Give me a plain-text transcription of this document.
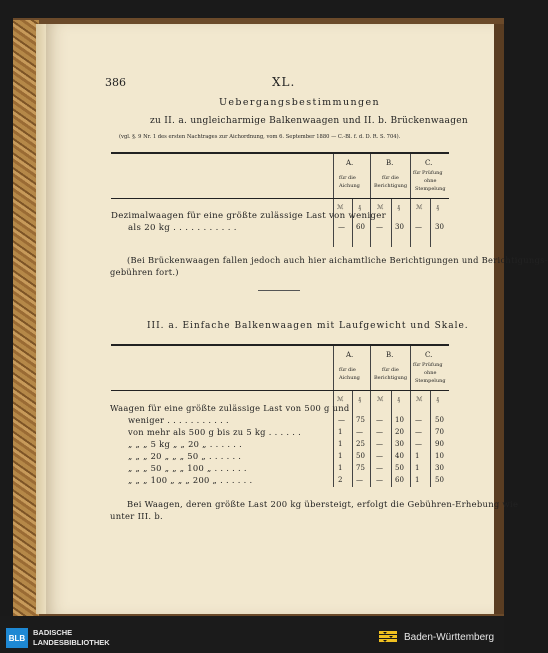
386	XL.
Uebergangsbestimmungen
zu II. a. ungleicharmige Balkenwaagen und II. b. Brückenwaagen
(vgl. §. 9 Nr. 1 des ersten Nachtrages zur Aichordnung, vom 6. September 1880 — C.-Bl. f. d. D. R. S. 704).
A.
für die
Aichung
B.
für die
Berichtigung
C.
für Prüfung
ohne
Stempelung
ℳ ₰	ℳ ₰	ℳ ₰
Dezimalwaagen für eine größte zulässige Last von weniger
als 20 kg . . . . . . . . . . .	— 60 — 30 — 30
(Bei Brückenwaagen fallen jedoch auch hier aichamtliche Berichtigungen und Berichtigungs-
gebühren fort.)
III. a. Einfache Balkenwaagen mit Laufgewicht und Skale.
A.
für die
Aichung
B.
für die
Berichtigung
C.
für Prüfung
ohne
Stempelung
ℳ ₰	ℳ ₰	ℳ ₰
Waagen für eine größte zulässige Last von 500 g und
weniger . . . . . . . . . . .	— 75 — 10 — 50
von mehr als 500 g bis zu 5 kg . . . . . .	1 — — 20 — 70
„ „ „ 5 kg „ „ 20 „ . . . . . .	1 25 — 30 — 90
„ „ „ 20 „ „ „ 50 „ . . . . . .	1 50 — 40 1 10
„ „ „ 50 „ „ „ 100 „ . . . . . .	1 75 — 50 1 30
„ „ „ 100 „ „ „ 200 „ . . . . . .	2 — — 60 1 50
Bei Waagen, deren größte Last 200 kg übersteigt, erfolgt die Gebühren-Erhebung wie
unter III. b.
BLB
BADISCHE
LANDESBIBLIOTHEK	Baden-Württemberg
